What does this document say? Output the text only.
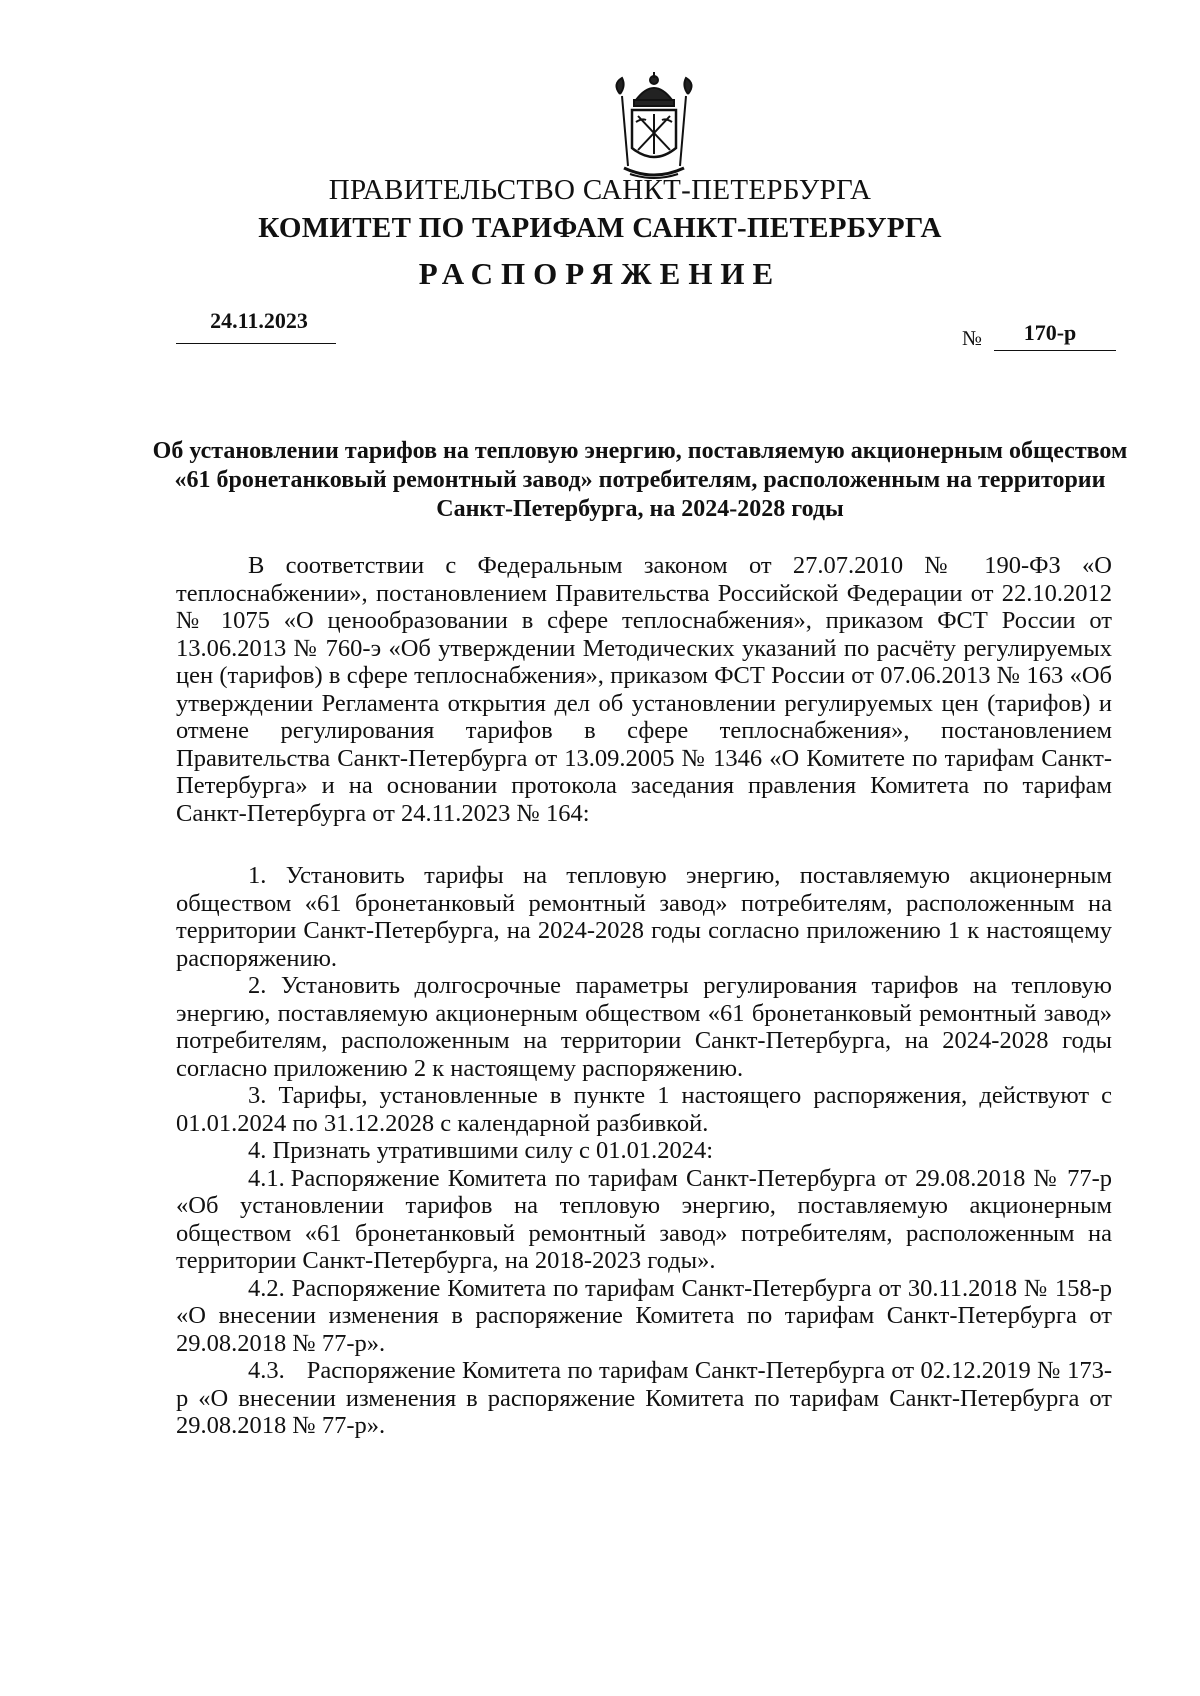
ПРАВИТЕЛЬСТВО САНКТ-ПЕТЕРБУРГА
КОМИТЕТ ПО ТАРИФАМ САНКТ-ПЕТЕРБУРГА
РАСПОРЯЖЕНИЕ
24.11.2023
№	170-р
Об установлении тарифов на тепловую энергию, поставляемую акционерным обществом «61 бронетанковый ремонтный завод» потребителям, расположенным на территории Санкт-Петербурга, на 2024-2028 годы

В соответствии с Федеральным законом от 27.07.2010 № 190-ФЗ «О теплоснабжении», постановлением Правительства Российской Федерации от 22.10.2012 № 1075 «О ценообразовании в сфере теплоснабжения», приказом ФСТ России от 13.06.2013 № 760-э «Об утверждении Методических указаний по расчёту регулируемых цен (тарифов) в сфере теплоснабжения», приказом ФСТ России от 07.06.2013 № 163 «Об утверждении Регламента открытия дел об установлении регулируемых цен (тарифов) и отмене регулирования тарифов в сфере теплоснабжения», постановлением Правительства Санкт-Петербурга от 13.09.2005 № 1346 «О Комитете по тарифам Санкт-Петербурга» и на основании протокола заседания правления Комитета по тарифам Санкт-Петербурга от 24.11.2023 № 164:

1. Установить тарифы на тепловую энергию, поставляемую акционерным обществом «61 бронетанковый ремонтный завод» потребителям, расположенным на территории Санкт-Петербурга, на 2024-2028 годы согласно приложению 1 к настоящему распоряжению.

2. Установить долгосрочные параметры регулирования тарифов на тепловую энергию, поставляемую акционерным обществом «61 бронетанковый ремонтный завод» потребителям, расположенным на территории Санкт-Петербурга, на 2024-2028 годы согласно приложению 2 к настоящему распоряжению.

3. Тарифы, установленные в пункте 1 настоящего распоряжения, действуют с 01.01.2024 по 31.12.2028 с календарной разбивкой.

4. Признать утратившими силу с 01.01.2024:

4.1. Распоряжение Комитета по тарифам Санкт-Петербурга от 29.08.2018 № 77-р «Об установлении тарифов на тепловую энергию, поставляемую акционерным обществом «61 бронетанковый ремонтный завод» потребителям, расположенным на территории Санкт-Петербурга, на 2018-2023 годы».

4.2. Распоряжение Комитета по тарифам Санкт-Петербурга от 30.11.2018 № 158-р «О внесении изменения в распоряжение Комитета по тарифам Санкт-Петербурга от 29.08.2018 № 77-р».

4.3. Распоряжение Комитета по тарифам Санкт-Петербурга от 02.12.2019 № 173-р «О внесении изменения в распоряжение Комитета по тарифам Санкт-Петербурга от 29.08.2018 № 77-р».
